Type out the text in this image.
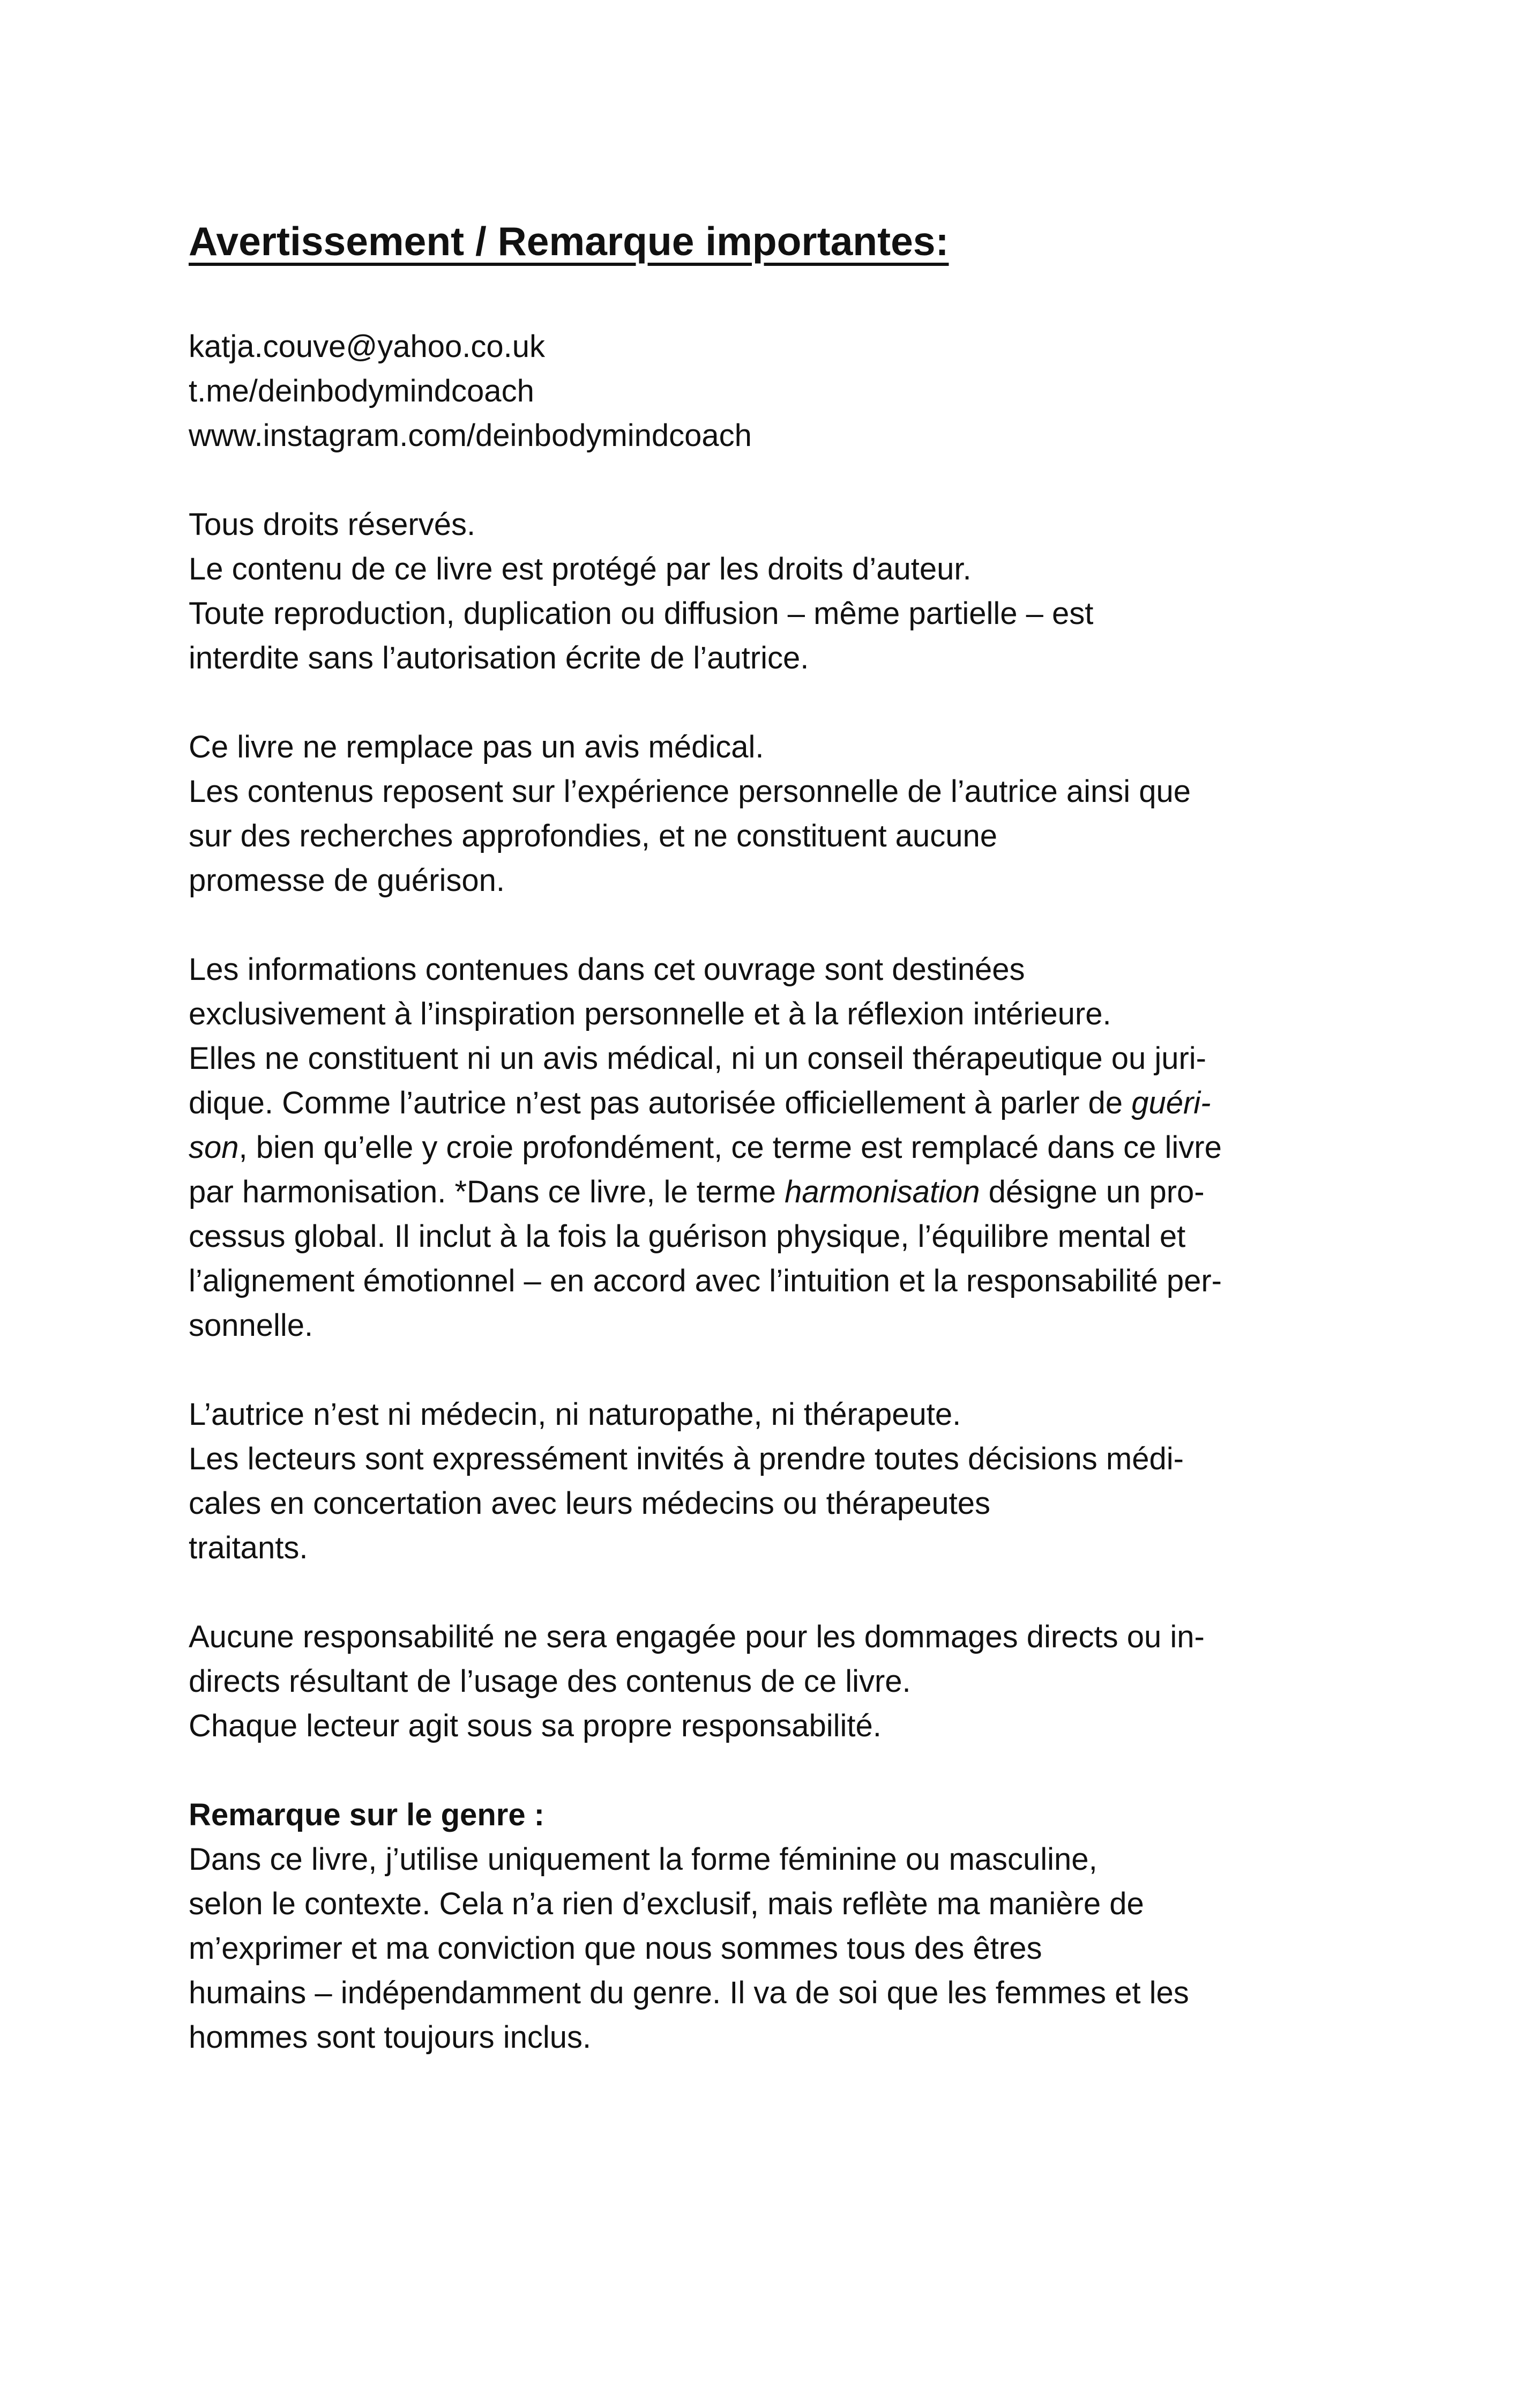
Avertissement / Remarque importantes:
katja.couve@yahoo.co.uk
t.me/deinbodymindcoach
www.instagram.com/deinbodymindcoach
Tous droits réservés.
Le contenu de ce livre est protégé par les droits d’auteur.
Toute reproduction, duplication ou diffusion – même partielle – est
interdite sans l’autorisation écrite de l’autrice.
Ce livre ne remplace pas un avis médical.
Les contenus reposent sur l’expérience personnelle de l’autrice ainsi que
sur des recherches approfondies, et ne constituent aucune
promesse de guérison.
Les informations contenues dans cet ouvrage sont destinées
exclusivement à l’inspiration personnelle et à la réflexion intérieure.
Elles ne constituent ni un avis médical, ni un conseil thérapeutique ou juri-
dique. Comme l’autrice n’est pas autorisée officiellement à parler de guéri-
son, bien qu’elle y croie profondément, ce terme est remplacé dans ce livre
par harmonisation. *Dans ce livre, le terme harmonisation désigne un pro-
cessus global. Il inclut à la fois la guérison physique, l’équilibre mental et
l’alignement émotionnel – en accord avec l’intuition et la responsabilité per-
sonnelle.
L’autrice n’est ni médecin, ni naturopathe, ni thérapeute.
Les lecteurs sont expressément invités à prendre toutes décisions médi-
cales en concertation avec leurs médecins ou thérapeutes
traitants.
Aucune responsabilité ne sera engagée pour les dommages directs ou in-
directs résultant de l’usage des contenus de ce livre.
Chaque lecteur agit sous sa propre responsabilité.
Remarque sur le genre :
Dans ce livre, j’utilise uniquement la forme féminine ou masculine,
selon le contexte. Cela n’a rien d’exclusif, mais reflète ma manière de
m’exprimer et ma conviction que nous sommes tous des êtres
humains – indépendamment du genre. Il va de soi que les femmes et les
hommes sont toujours inclus.
